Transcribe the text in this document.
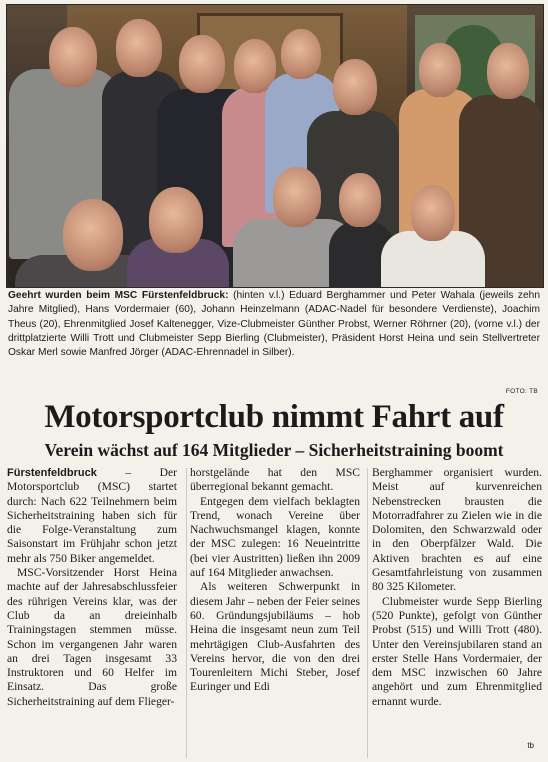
Geehrt wurden beim MSC Fürstenfeldbruck: (hinten v.l.) Eduard Berghammer und Peter Wahala (jeweils zehn Jahre Mitglied), Hans Vordermaier (60), Johann Heinzelmann (ADAC-Nadel für besondere Verdienste), Joachim Theus (20), Ehrenmitglied Josef Kaltenegger, Vize-Clubmeister Günther Probst, Werner Röhrner (20), (vorne v.l.) der drittplatzierte Willi Trott und Clubmeister Sepp Bierling (Clubmeister), Präsident Horst Heina und sein Stellvertreter Oskar Merl sowie Manfred Jörger (ADAC-Ehrennadel in Silber).
FOTO: TB
Motorsportclub nimmt Fahrt auf
Verein wächst auf 164 Mitglieder – Sicherheitstraining boomt

Fürstenfeldbruck – Der Motorsportclub (MSC) startet durch: Nach 622 Teilnehmern beim Sicherheitstraining haben sich für die Folge-Veranstaltung zum Saisonstart im Frühjahr schon jetzt mehr als 750 Biker angemeldet.

MSC-Vorsitzender Horst Heina machte auf der Jahresabschlussfeier des rührigen Vereins klar, was der Club da an dreieinhalb Trainingstagen stemmen müsse. Schon im vergangenen Jahr waren an drei Tagen insgesamt 33 Instruktoren und 60 Helfer im Einsatz. Das große Sicherheitstraining auf dem Flieger-

horstgelände hat den MSC überregional bekannt gemacht.

Entgegen dem vielfach beklagten Trend, wonach Vereine über Nachwuchsmangel klagen, konnte der MSC zulegen: 16 Neueintritte (bei vier Austritten) ließen ihn 2009 auf 164 Mitglieder anwachsen.

Als weiteren Schwerpunkt in diesem Jahr – neben der Feier seines 60. Gründungsjubiläums – hob Heina die insgesamt neun zum Teil mehrtägigen Club-Ausfahrten des Vereins hervor, die von den drei Tourenleitern Michi Steber, Josef Euringer und Edi

Berghammer organisiert wurden. Meist auf kurvenreichen Nebenstrecken brausten die Motorradfahrer zu Zielen wie in die Dolomiten, den Schwarzwald oder in den Oberpfälzer Wald. Die Aktiven brachten es auf eine Gesamtfahrleistung von zusammen 80 325 Kilometer.

Clubmeister wurde Sepp Bierling (520 Punkte), gefolgt von Günther Probst (515) und Willi Trott (480). Unter den Vereinsjubilaren stand an erster Stelle Hans Vordermaier, der dem MSC inzwischen 60 Jahre angehört und zum Ehrenmitglied ernannt wurde.

tb
